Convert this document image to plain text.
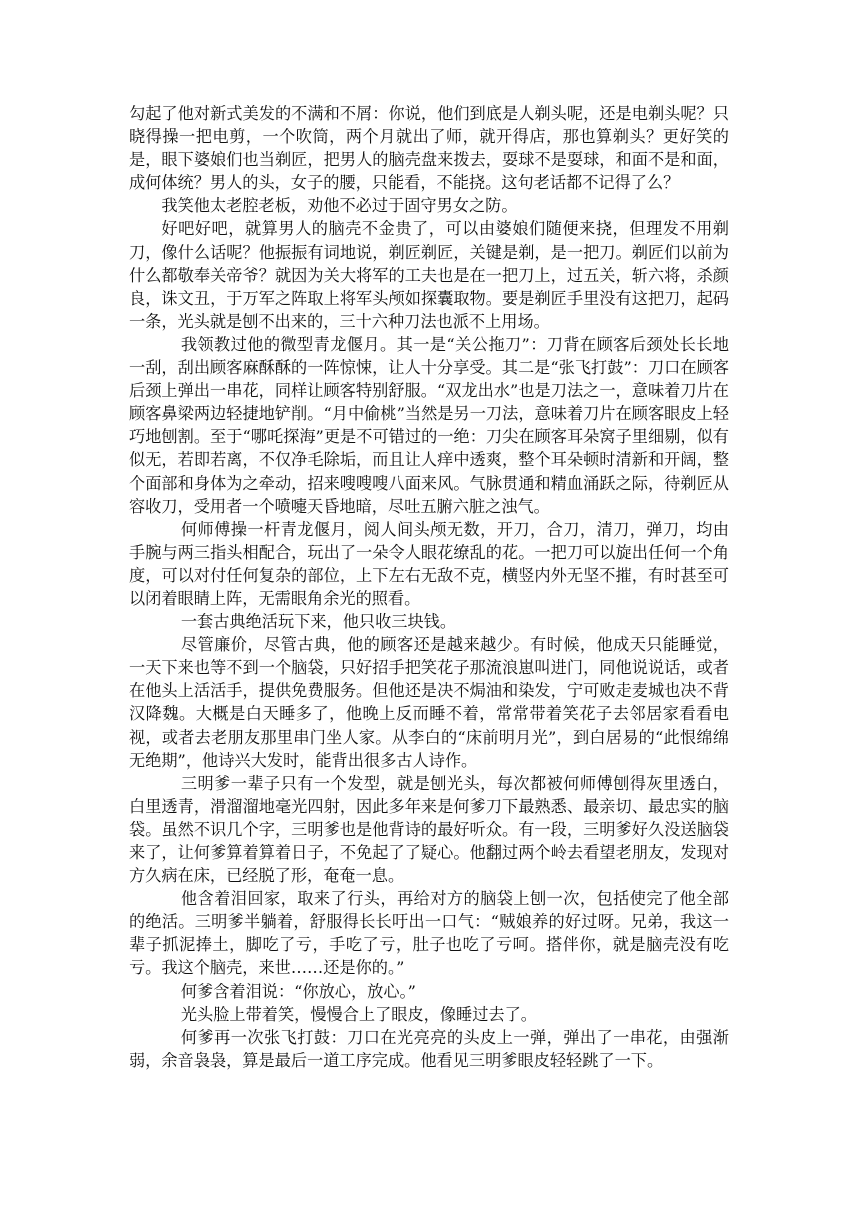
勾起了他对新式美发的不满和不屑：你说，他们到底是人剃头呢，还是电剃头呢？只晓得操一把电剪，一个吹筒，两个月就出了师，就开得店，那也算剃头？更好笑的是，眼下婆娘们也当剃匠，把男人的脑壳盘来拨去，耍球不是耍球，和面不是和面，成何体统？男人的头，女子的腰，只能看，不能挠。这句老话都不记得了么？

我笑他太老腔老板，劝他不必过于固守男女之防。

好吧好吧，就算男人的脑壳不金贵了，可以由婆娘们随便来挠，但理发不用剃刀，像什么话呢？他振振有词地说，剃匠剃匠，关键是剃，是一把刀。剃匠们以前为什么都敬奉关帝爷？就因为关大将军的工夫也是在一把刀上，过五关，斩六将，杀颜良，诛文丑，于万军之阵取上将军头颅如探囊取物。要是剃匠手里没有这把刀，起码一条，光头就是刨不出来的，三十六种刀法也派不上用场。

我领教过他的微型青龙偃月。其一是“关公拖刀”：刀背在顾客后颈处长长地一刮，刮出顾客麻酥酥的一阵惊悚，让人十分享受。其二是“张飞打鼓”：刀口在顾客后颈上弹出一串花，同样让顾客特别舒服。“双龙出水”也是刀法之一，意味着刀片在顾客鼻梁两边轻捷地铲削。“月中偷桃”当然是另一刀法，意味着刀片在顾客眼皮上轻巧地刨割。至于“哪吒探海”更是不可错过的一绝：刀尖在顾客耳朵窝子里细剔，似有似无，若即若离，不仅净毛除垢，而且让人痒中透爽，整个耳朵顿时清新和开阔，整个面部和身体为之牵动，招来嗖嗖嗖八面来风。气脉贯通和精血涌跃之际，待剃匠从容收刀，受用者一个喷嚏天昏地暗，尽吐五腑六脏之浊气。

何师傅操一杆青龙偃月，阅人间头颅无数，开刀，合刀，清刀，弹刀，均由手腕与两三指头相配合，玩出了一朵令人眼花缭乱的花。一把刀可以旋出任何一个角度，可以对付任何复杂的部位，上下左右无敌不克，横竖内外无坚不摧，有时甚至可以闭着眼睛上阵，无需眼角余光的照看。

一套古典绝活玩下来，他只收三块钱。

尽管廉价，尽管古典，他的顾客还是越来越少。有时候，他成天只能睡觉，一天下来也等不到一个脑袋，只好招手把笑花子那流浪崽叫进门，同他说说话，或者在他头上活活手，提供免费服务。但他还是决不焗油和染发，宁可败走麦城也决不背汉降魏。大概是白天睡多了，他晚上反而睡不着，常常带着笑花子去邻居家看看电视，或者去老朋友那里串门坐人家。从李白的“床前明月光”，到白居易的“此恨绵绵无绝期”，他诗兴大发时，能背出很多古人诗作。

三明爹一辈子只有一个发型，就是刨光头，每次都被何师傅刨得灰里透白，白里透青，滑溜溜地毫光四射，因此多年来是何爹刀下最熟悉、最亲切、最忠实的脑袋。虽然不识几个字，三明爹也是他背诗的最好听众。有一段，三明爹好久没送脑袋来了，让何爹算着算着日子，不免起了了疑心。他翻过两个岭去看望老朋友，发现对方久病在床，已经脱了形，奄奄一息。

他含着泪回家，取来了行头，再给对方的脑袋上刨一次，包括使完了他全部的绝活。三明爹半躺着，舒服得长长吁出一口气：“贼娘养的好过呀。兄弟，我这一辈子抓泥捧土，脚吃了亏，手吃了亏，肚子也吃了亏呵。搭伴你，就是脑壳没有吃亏。我这个脑壳，来世……还是你的。”

何爹含着泪说：“你放心，放心。”

光头脸上带着笑，慢慢合上了眼皮，像睡过去了。

何爹再一次张飞打鼓：刀口在光亮亮的头皮上一弹，弹出了一串花，由强渐弱，余音袅袅，算是最后一道工序完成。他看见三明爹眼皮轻轻跳了一下。
